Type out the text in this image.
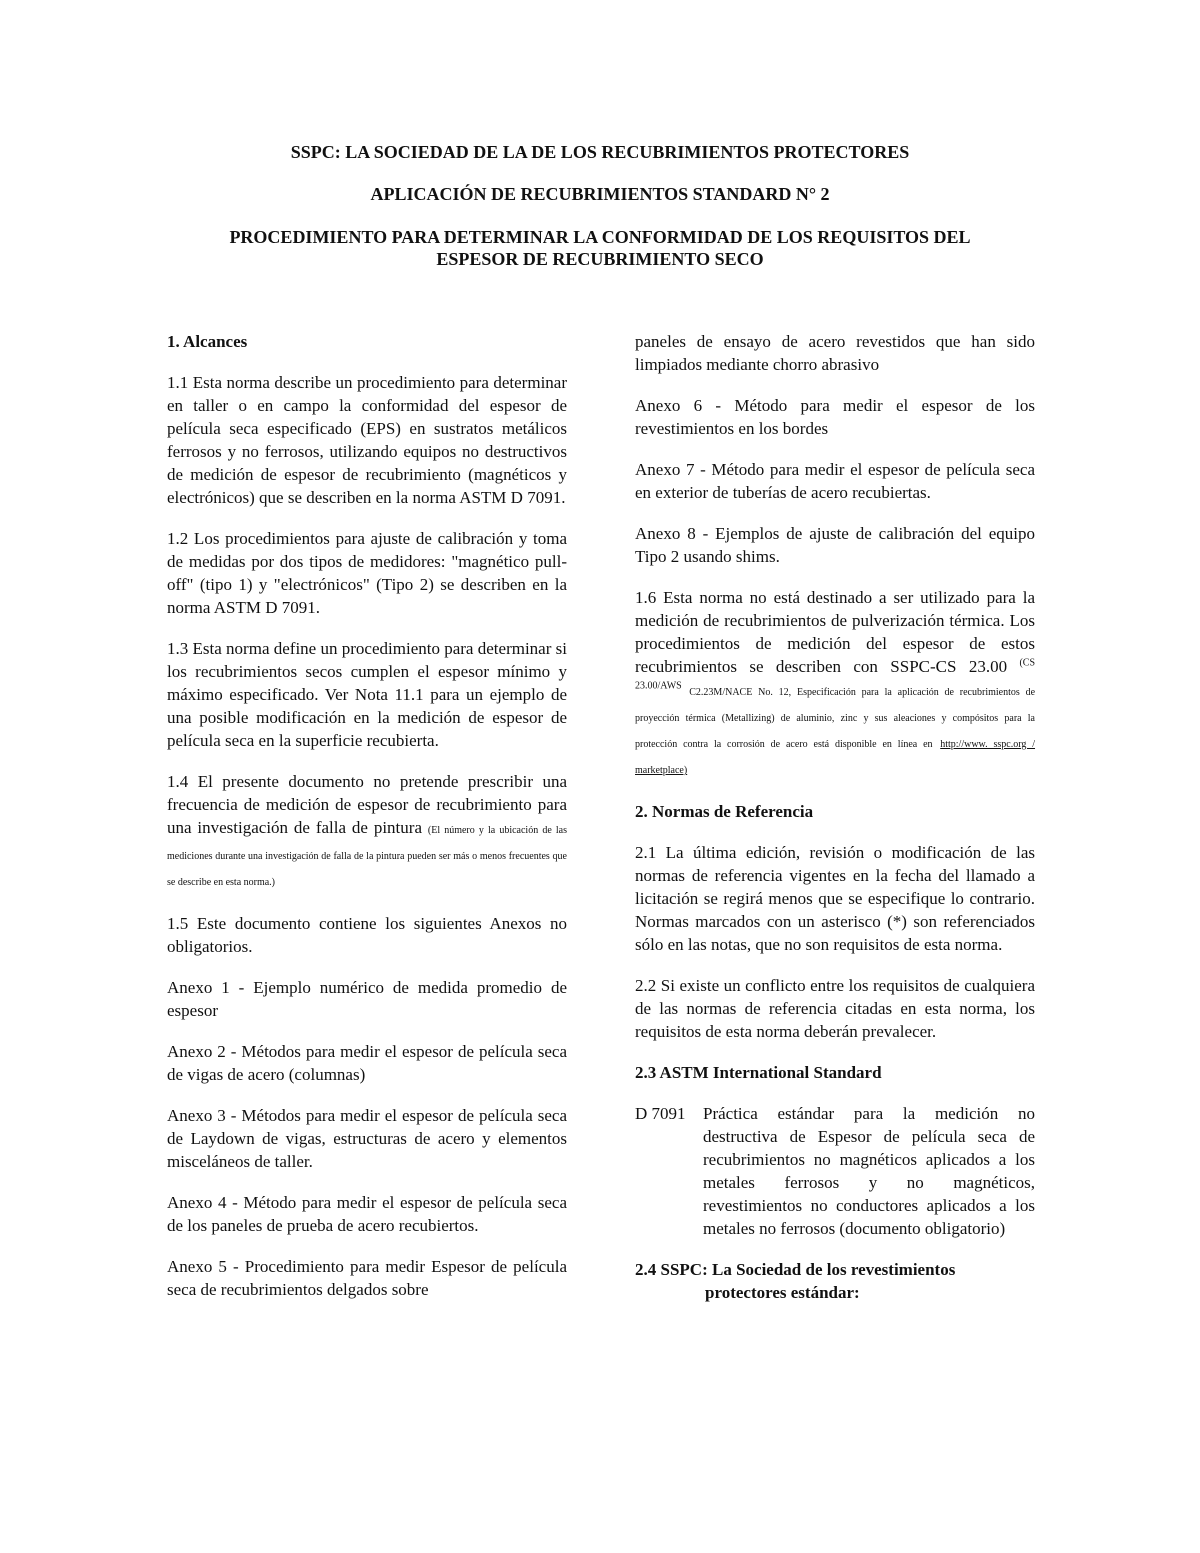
SSPC: LA SOCIEDAD DE LA DE LOS RECUBRIMIENTOS PROTECTORES
APLICACIÓN DE RECUBRIMIENTOS STANDARD N° 2
PROCEDIMIENTO PARA DETERMINAR LA CONFORMIDAD DE LOS REQUISITOS DEL
ESPESOR DE RECUBRIMIENTO SECO
1. Alcances

1.1 Esta norma describe un procedimiento para determinar en taller o en campo la conformidad del espesor de película seca especificado (EPS) en sustratos metálicos ferrosos y no ferrosos, utilizando equipos no destructivos de medición de espesor de recubrimiento (magnéticos y electrónicos) que se describen en la norma ASTM D 7091.

1.2 Los procedimientos para ajuste de calibración y toma de medidas por dos tipos de medidores: "magnético pull-off" (tipo 1) y "electrónicos" (Tipo 2) se describen en la norma ASTM D 7091.

1.3 Esta norma define un procedimiento para determinar si los recubrimientos secos cumplen el espesor mínimo y máximo especificado. Ver Nota 11.1 para un ejemplo de una posible modificación en la medición de espesor de película seca en la superficie recubierta.

1.4 El presente documento no pretende prescribir una frecuencia de medición de espesor de recubrimiento para una investigación de falla de pintura (El número y la ubicación de las mediciones durante una investigación de falla de la pintura pueden ser más o menos frecuentes que se describe en esta norma.)

1.5 Este documento contiene los siguientes Anexos no obligatorios.

Anexo 1 - Ejemplo numérico de medida promedio de espesor

Anexo 2 - Métodos para medir el espesor de película seca de vigas de acero (columnas)

Anexo 3 - Métodos para medir el espesor de película seca de Laydown de vigas, estructuras de acero y elementos misceláneos de taller.

Anexo 4 - Método para medir el espesor de película seca de los paneles de prueba de acero recubiertos.

Anexo 5 - Procedimiento para medir Espesor de película seca de recubrimientos delgados sobre

paneles de ensayo de acero revestidos que han sido limpiados mediante chorro abrasivo

Anexo 6 - Método para medir el espesor de los revestimientos en los bordes

Anexo 7 - Método para medir el espesor de película seca en exterior de tuberías de acero recubiertas.

Anexo 8 - Ejemplos de ajuste de calibración del equipo Tipo 2 usando shims.

1.6 Esta norma no está destinado a ser utilizado para la medición de recubrimientos de pulverización térmica. Los procedimientos de medición del espesor de estos recubrimientos se describen con SSPC-CS 23.00 $^{(CS 23.00/AWS}$ C2.23M/NACE No. 12, Especificación para la aplicación de recubrimientos de proyección térmica (Metallizing) de aluminio, zinc y sus aleaciones y compósitos para la protección contra la corrosión de acero está disponible en línea en http://www. sspc.org / marketplace)

2. Normas de Referencia

2.1 La última edición, revisión o modificación de las normas de referencia vigentes en la fecha del llamado a licitación se regirá menos que se especifique lo contrario. Normas marcados con un asterisco (*) son referenciados sólo en las notas, que no son requisitos de esta norma.

2.2 Si existe un conflicto entre los requisitos de cualquiera de las normas de referencia citadas en esta norma, los requisitos de esta norma deberán prevalecer.

2.3 ASTM International Standard
D 7091	Práctica estándar para la medición no destructiva de Espesor de película seca de recubrimientos no magnéticos aplicados a los metales ferrosos y no magnéticos, revestimientos no conductores aplicados a los metales no ferrosos (documento obligatorio)
2.4 SSPC: La Sociedad de los revestimientos protectores estándar:
